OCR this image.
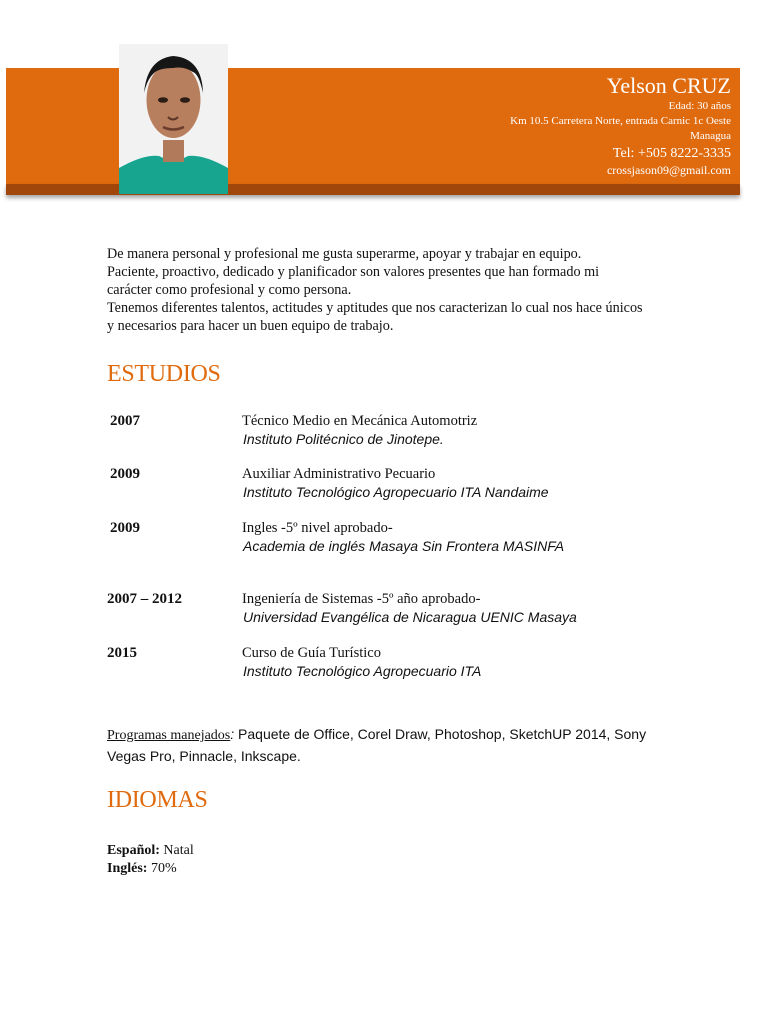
Yelson CRUZ
Edad: 30 años
Km 10.5 Carretera Norte, entrada Carnic 1c Oeste
Managua
Tel: +505 8222-3335
crossjason09@gmail.com

De manera personal y profesional me gusta superarme, apoyar y trabajar en equipo.

Paciente, proactivo, dedicado y planificador son valores presentes que han formado mi carácter como profesional y como persona.

Tenemos diferentes talentos, actitudes y aptitudes que nos caracterizan lo cual nos hace únicos y necesarios para hacer un buen equipo de trabajo.

ESTUDIOS
2007	Técnico Medio en Mecánica Automotriz
Instituto Politécnico de Jinotepe.
2009	Auxiliar Administrativo Pecuario
Instituto Tecnológico Agropecuario ITA Nandaime
2009	Ingles -5º nivel aprobado-
Academia de inglés Masaya Sin Frontera MASINFA
2007 – 2012	Ingeniería de Sistemas -5º año aprobado-
Universidad Evangélica de Nicaragua UENIC Masaya
2015	Curso de Guía Turístico
Instituto Tecnológico Agropecuario ITA
Programas manejados: Paquete de Office, Corel Draw, Photoshop, SketchUP 2014, Sony Vegas Pro, Pinnacle, Inkscape.
IDIOMAS
Español: Natal
Inglés: 70%
